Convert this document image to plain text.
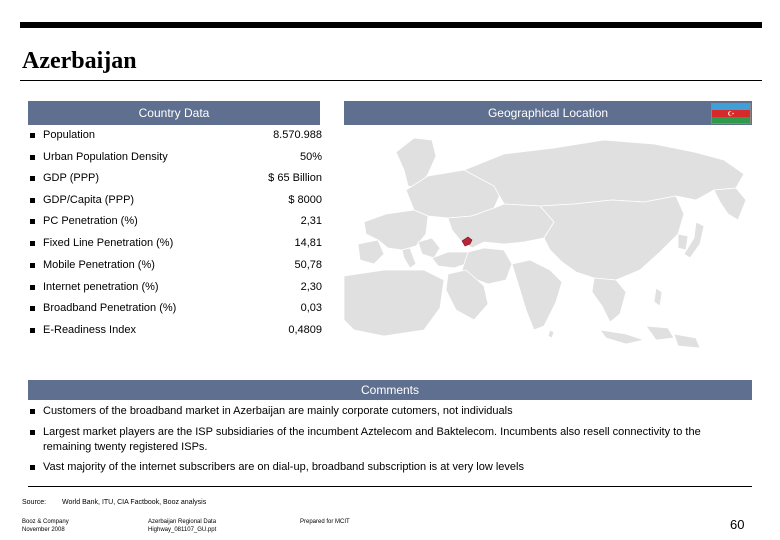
Azerbaijan
Country Data	Geographical Location
Population	8.570.988
Urban Population Density	50%
GDP (PPP)	$ 65 Billion
GDP/Capita (PPP)	$ 8000
PC Penetration (%)	2,31
Fixed Line Penetration (%)	14,81
Mobile Penetration (%)	50,78
Internet penetration (%)	2,30
Broadband Penetration (%)	0,03
E-Readiness Index	0,4809
Comments
Customers of the broadband market in Azerbaijan are mainly corporate cutomers, not individuals
Largest market players are the ISP subsidiaries of the incumbent Aztelecom and Baktelecom. Incumbents also resell connectivity to the remaining twenty registered ISPs.
Vast majority of the internet subscribers are on dial-up, broadband subscription is at very low levels
Source: World Bank, ITU, CIA Factbook, Booz analysis
Booz & Company
November 2008
Azerbaijan Regional Data
Highway_081107_GU.ppt
Prepared for MCIT	60
